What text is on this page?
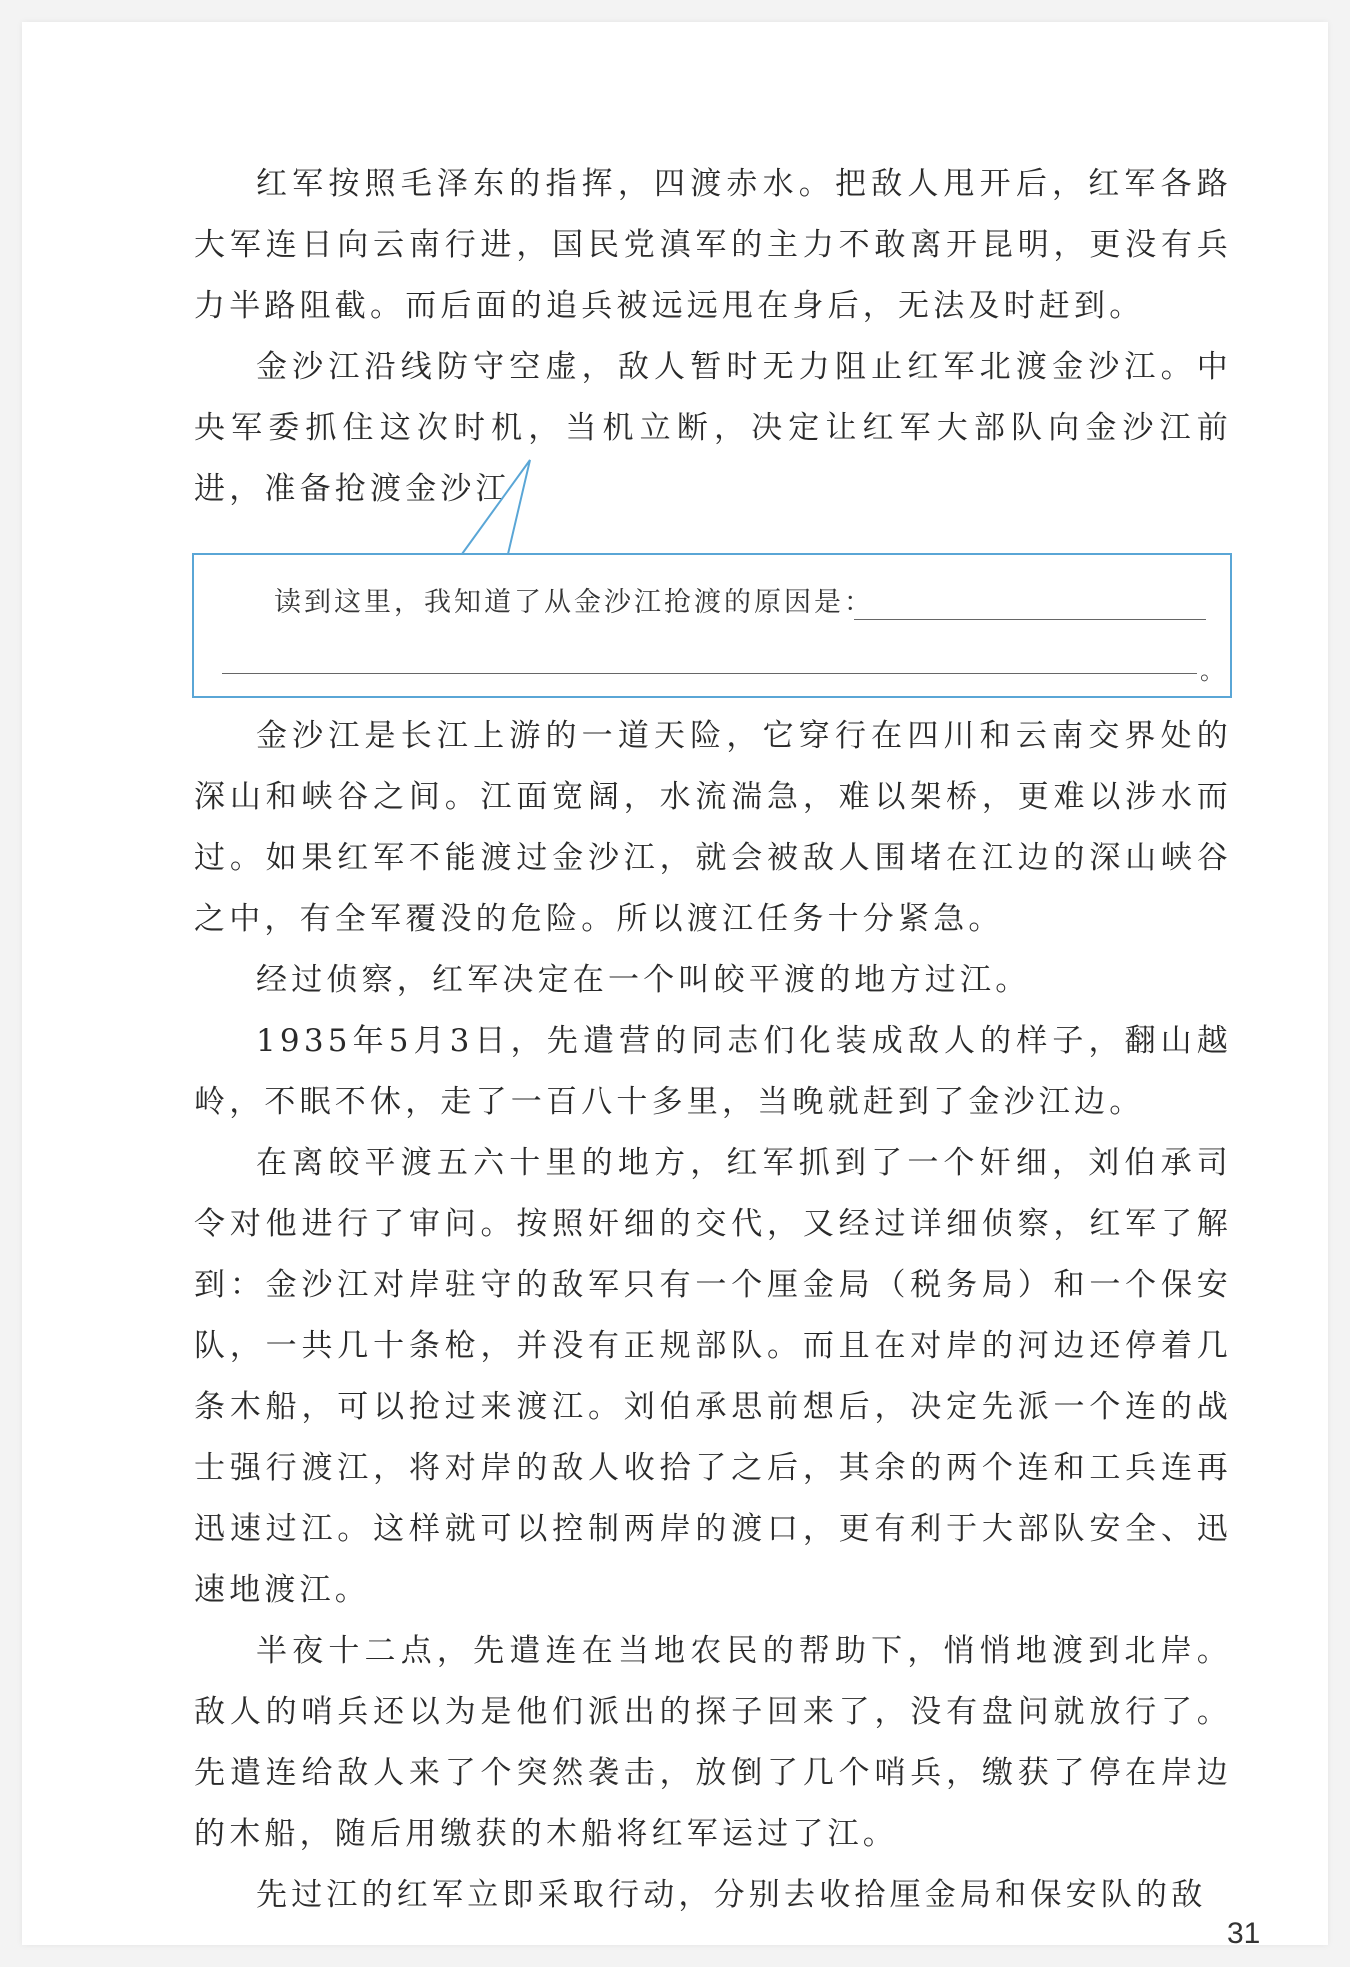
红军按照毛泽东的指挥，四渡赤水。把敌人甩开后，红军各路大军连日向云南行进，国民党滇军的主力不敢离开昆明，更没有兵力半路阻截。而后面的追兵被远远甩在身后，无法及时赶到。

金沙江沿线防守空虚，敌人暂时无力阻止红军北渡金沙江。中央军委抓住这次时机，当机立断，决定让红军大部队向金沙江前进，准备抢渡金沙江。

读到这里，我知道了从金沙江抢渡的原因是：
。

金沙江是长江上游的一道天险，它穿行在四川和云南交界处的深山和峡谷之间。江面宽阔，水流湍急，难以架桥，更难以涉水而过。如果红军不能渡过金沙江，就会被敌人围堵在江边的深山峡谷之中，有全军覆没的危险。所以渡江任务十分紧急。

经过侦察，红军决定在一个叫皎平渡的地方过江。

1935年5月3日，先遣营的同志们化装成敌人的样子，翻山越岭，不眠不休，走了一百八十多里，当晚就赶到了金沙江边。

在离皎平渡五六十里的地方，红军抓到了一个奸细，刘伯承司令对他进行了审问。按照奸细的交代，又经过详细侦察，红军了解到：金沙江对岸驻守的敌军只有一个厘金局（税务局）和一个保安队，一共几十条枪，并没有正规部队。而且在对岸的河边还停着几条木船，可以抢过来渡江。刘伯承思前想后，决定先派一个连的战士强行渡江，将对岸的敌人收拾了之后，其余的两个连和工兵连再迅速过江。这样就可以控制两岸的渡口，更有利于大部队安全、迅速地渡江。

半夜十二点，先遣连在当地农民的帮助下，悄悄地渡到北岸。敌人的哨兵还以为是他们派出的探子回来了，没有盘问就放行了。先遣连给敌人来了个突然袭击，放倒了几个哨兵，缴获了停在岸边的木船，随后用缴获的木船将红军运过了江。

先过江的红军立即采取行动，分别去收拾厘金局和保安队的敌

31
